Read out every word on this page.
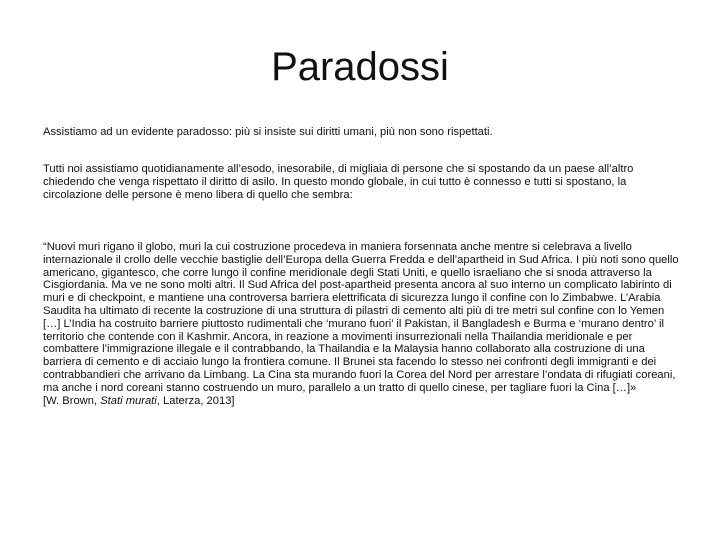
Paradossi

Assistiamo ad un evidente paradosso: più si insiste sui diritti umani, più non sono rispettati.

Tutti noi assistiamo quotidianamente all’esodo, inesorabile, di migliaia di persone che si spostando da un paese all’altro chiedendo che venga rispettato il diritto di asilo. In questo mondo globale, in cui tutto è connesso e tutti si spostano, la circolazione delle persone è meno libera di quello che sembra:

“Nuovi muri rigano il globo, muri la cui costruzione procedeva in maniera forsennata anche mentre si celebrava a livello internazionale il crollo delle vecchie bastiglie dell’Europa della Guerra Fredda e dell’apartheid in Sud Africa. I più noti sono quello americano, gigantesco, che corre lungo il confine meridionale degli Stati Uniti, e quello israeliano che si snoda attraverso la Cisgiordania. Ma ve ne sono molti altri. Il Sud Africa del post-apartheid presenta ancora al suo interno un complicato labirinto di muri e di checkpoint, e mantiene una controversa barriera elettrificata di sicurezza lungo il confine con lo Zimbabwe. L’Arabia Saudita ha ultimato di recente la costruzione di una struttura di pilastri di cemento alti più di tre metri sul confine con lo Yemen […] L’India ha costruito barriere piuttosto rudimentali che ‘murano fuori’ il Pakistan, il Bangladesh e Burma e ‘murano dentro’ il territorio che contende con il Kashmir. Ancora, in reazione a movimenti insurrezionali nella Thailandia meridionale e per combattere l’immigrazione illegale e il contrabbando, la Thailandia e la Malaysia hanno collaborato alla costruzione di una barriera di cemento e di acciaio lungo la frontiera comune. Il Brunei sta facendo lo stesso nei confronti degli immigranti e dei contrabbandieri che arrivano da Limbang. La Cina sta murando fuori la Corea del Nord per arrestare l’ondata di rifugiati coreani, ma anche i nord coreani stanno costruendo un muro, parallelo a un tratto di quello cinese, per tagliare fuori la Cina […]»
[W. Brown, Stati murati, Laterza, 2013]
